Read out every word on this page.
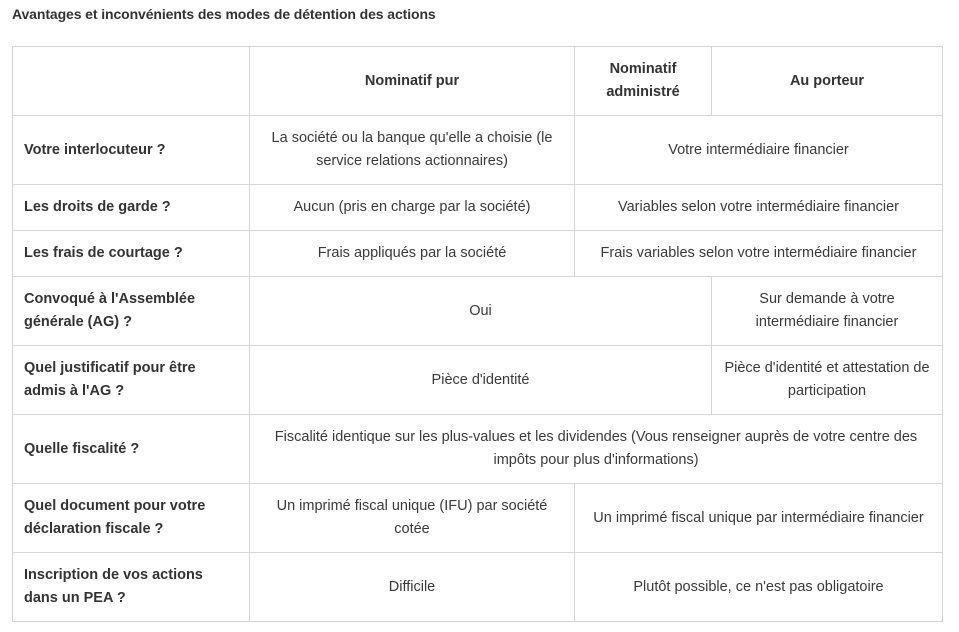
Avantages et inconvénients des modes de détention des actions
	Nominatif pur	Nominatif administré	Au porteur
Votre interlocuteur ?	La société ou la banque qu'elle a choisie (le service relations actionnaires)	Votre intermédiaire financier	
Les droits de garde ?	Aucun (pris en charge par la société)	Variables selon votre intermédiaire financier	
Les frais de courtage ?	Frais appliqués par la société	Frais variables selon votre intermédiaire financier	
Convoqué à l'Assemblée générale (AG) ?	Oui		Sur demande à votre intermédiaire financier
Quel justificatif pour être admis à l'AG ?	Pièce d'identité		Pièce d'identité et attestation de participation
Quelle fiscalité ?	Fiscalité identique sur les plus-values et les dividendes (Vous renseigner auprès de votre centre des impôts pour plus d'informations)		
Quel document pour votre déclaration fiscale ?	Un imprimé fiscal unique (IFU) par société cotée	Un imprimé fiscal unique par intermédiaire financier	
Inscription de vos actions dans un PEA ?	Difficile	Plutôt possible, ce n'est pas obligatoire	
